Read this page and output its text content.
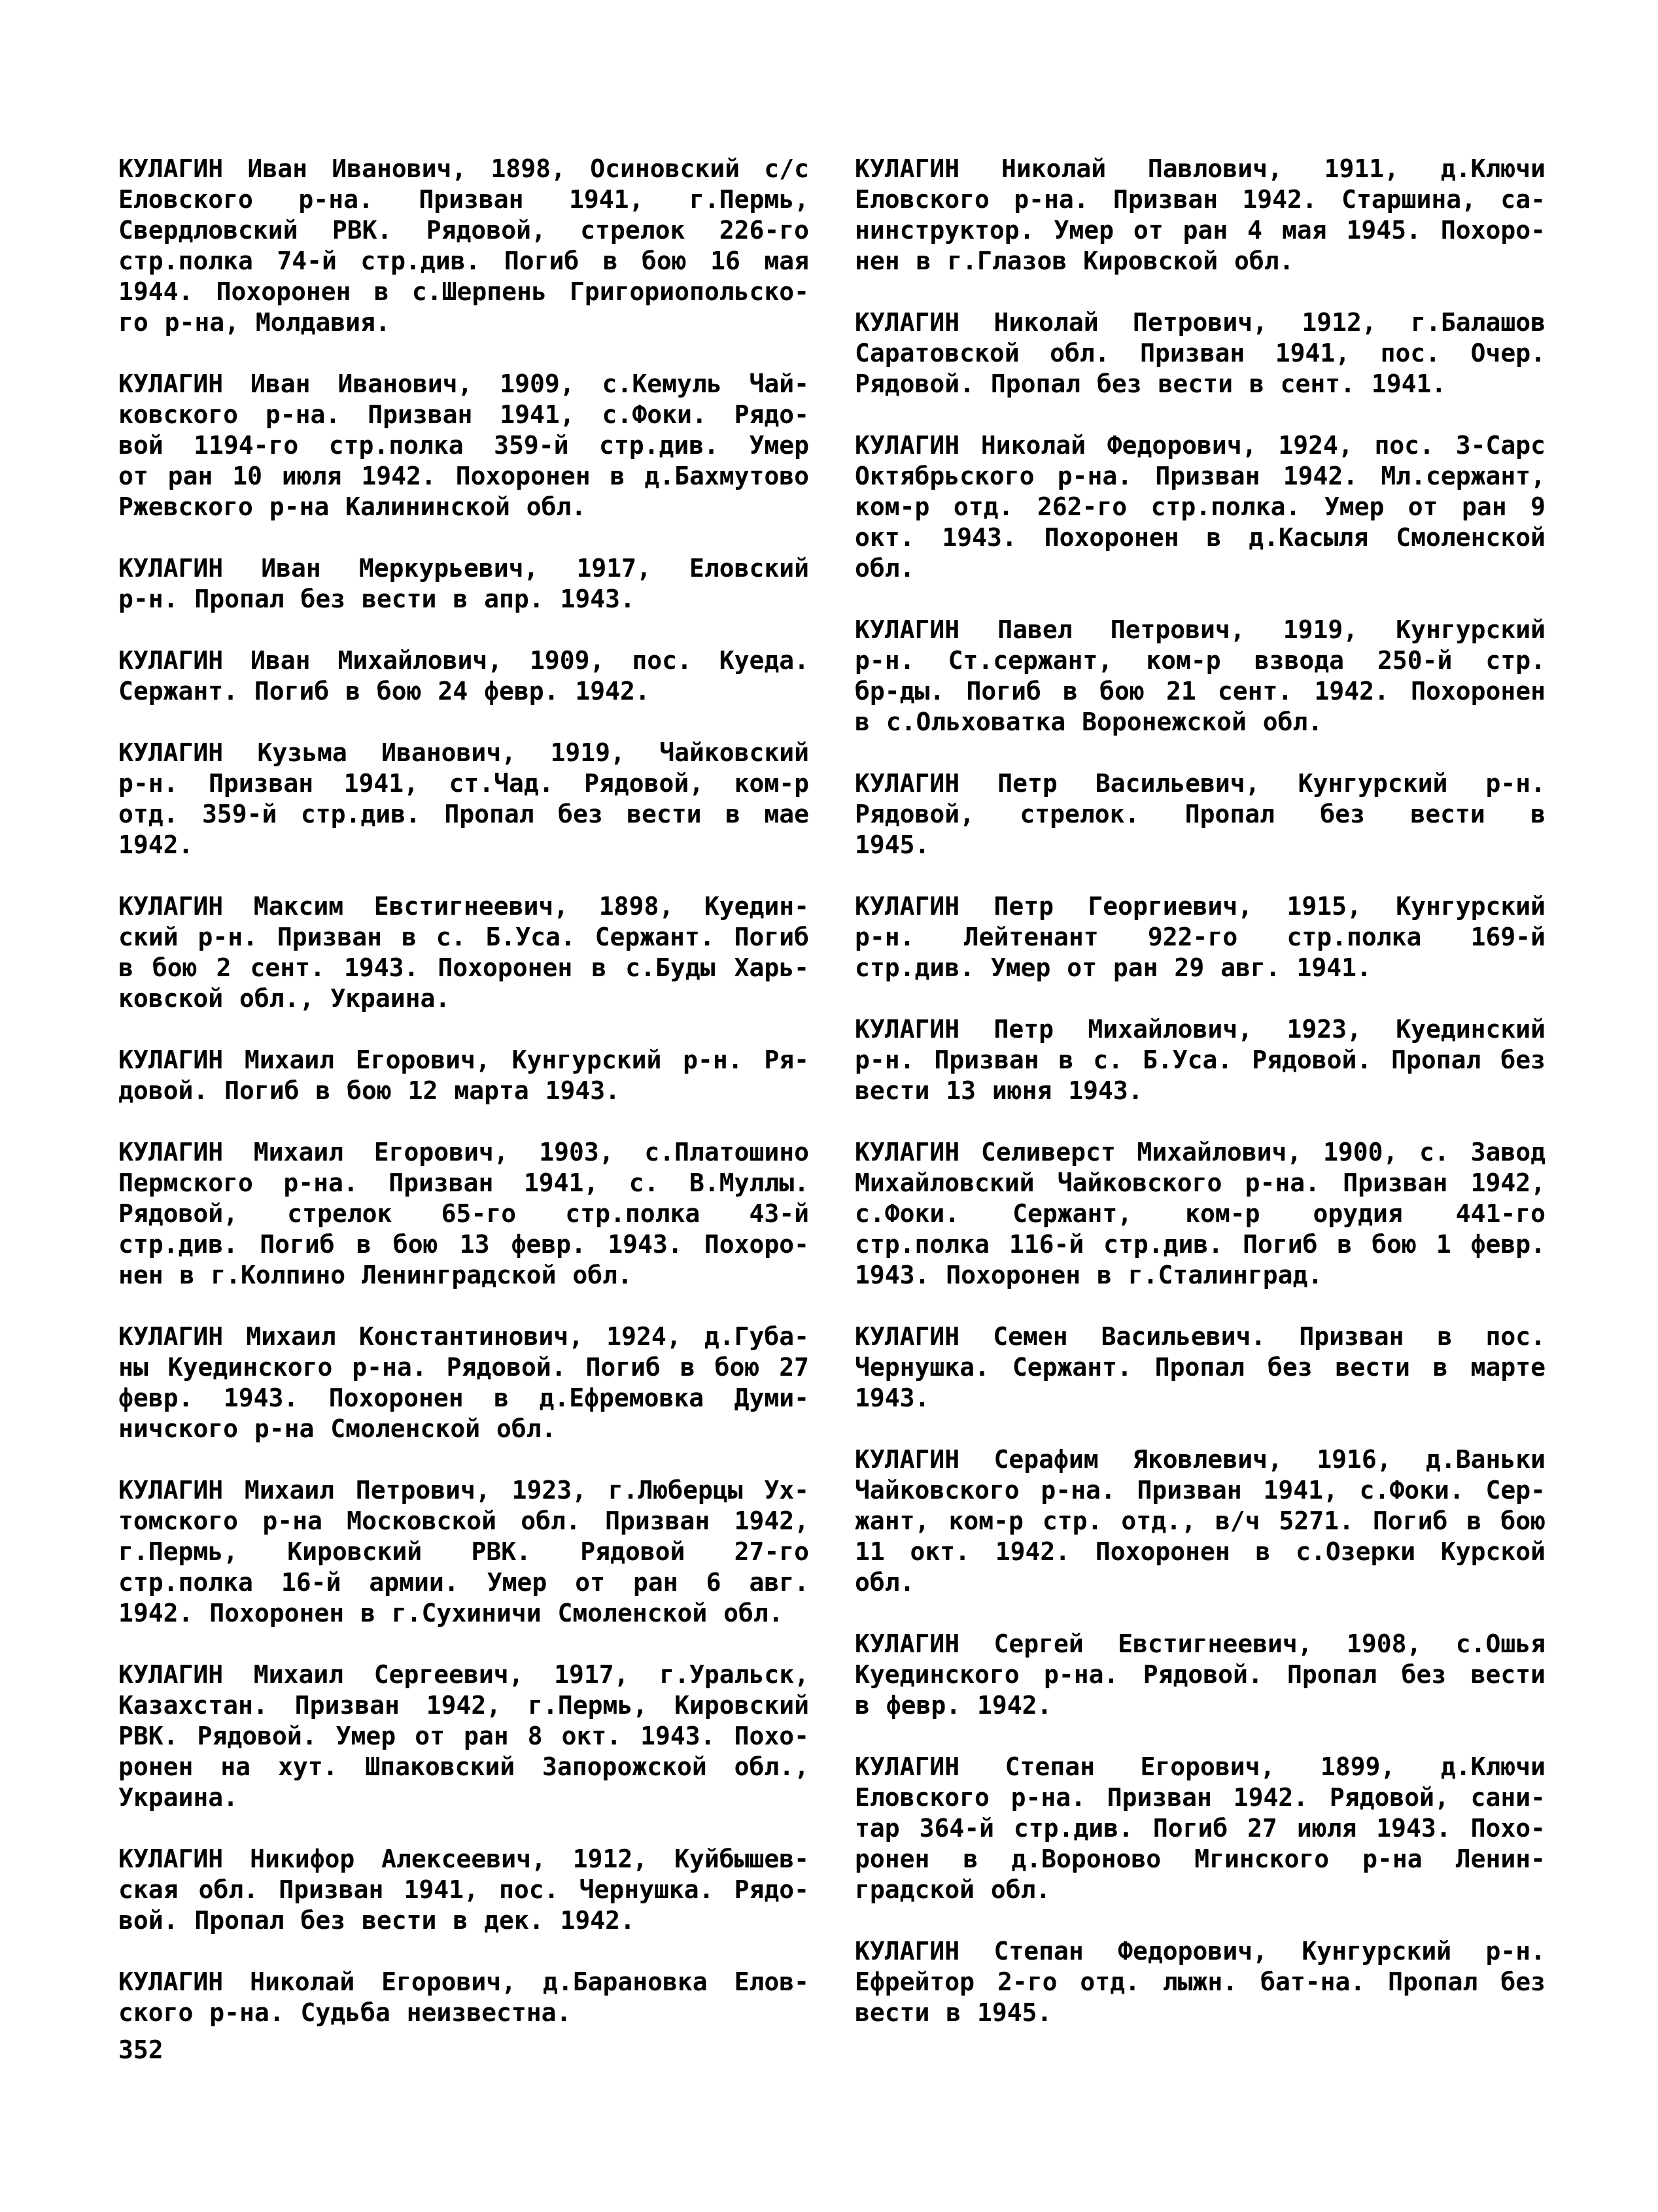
КУЛАГИН Иван Иванович, 1898, Осиновский с/с
Еловского р-на. Призван 1941, г.Пермь,
Свердловский РВК. Рядовой, стрелок 226-го
стр.полка 74-й стр.див. Погиб в бою 16 мая
1944. Похоронен в с.Шерпень Григориопольско-
го р-на, Молдавия.

КУЛАГИН Иван Иванович, 1909, с.Кемуль Чай-
ковского р-на. Призван 1941, с.Фоки. Рядо-
вой 1194-го стр.полка 359-й стр.див. Умер
от ран 10 июля 1942. Похоронен в д.Бахмутово
Ржевского р-на Калининской обл.

КУЛАГИН Иван Меркурьевич, 1917, Еловский
р-н. Пропал без вести в апр. 1943.

КУЛАГИН Иван Михайлович, 1909, пос. Куеда.
Сержант. Погиб в бою 24 февр. 1942.

КУЛАГИН Кузьма Иванович, 1919, Чайковский
р-н. Призван 1941, ст.Чад. Рядовой, ком-р
отд. 359-й стр.див. Пропал без вести в мае
1942.

КУЛАГИН Максим Евстигнеевич, 1898, Куедин-
ский р-н. Призван в с. Б.Уса. Сержант. Погиб
в бою 2 сент. 1943. Похоронен в с.Буды Харь-
ковской обл., Украина.

КУЛАГИН Михаил Егорович, Кунгурский р-н. Ря-
довой. Погиб в бою 12 марта 1943.

КУЛАГИН Михаил Егорович, 1903, с.Платошино
Пермского р-на. Призван 1941, с. В.Муллы.
Рядовой, стрелок 65-го стр.полка 43-й
стр.див. Погиб в бою 13 февр. 1943. Похоро-
нен в г.Колпино Ленинградской обл.

КУЛАГИН Михаил Константинович, 1924, д.Губа-
ны Куединского р-на. Рядовой. Погиб в бою 27
февр. 1943. Похоронен в д.Ефремовка Думи-
ничского р-на Смоленской обл.

КУЛАГИН Михаил Петрович, 1923, г.Люберцы Ух-
томского р-на Московской обл. Призван 1942,
г.Пермь, Кировский РВК. Рядовой 27-го
стр.полка 16-й армии. Умер от ран 6 авг.
1942. Похоронен в г.Сухиничи Смоленской обл.

КУЛАГИН Михаил Сергеевич, 1917, г.Уральск,
Казахстан. Призван 1942, г.Пермь, Кировский
РВК. Рядовой. Умер от ран 8 окт. 1943. Похо-
ронен на хут. Шпаковский Запорожской обл.,
Украина.

КУЛАГИН Никифор Алексеевич, 1912, Куйбышев-
ская обл. Призван 1941, пос. Чернушка. Рядо-
вой. Пропал без вести в дек. 1942.

КУЛАГИН Николай Егорович, д.Барановка Елов-
ского р-на. Судьба неизвестна.

КУЛАГИН Николай Павлович, 1911, д.Ключи
Еловского р-на. Призван 1942. Старшина, са-
нинструктор. Умер от ран 4 мая 1945. Похоро-
нен в г.Глазов Кировской обл.

КУЛАГИН Николай Петрович, 1912, г.Балашов
Саратовской обл. Призван 1941, пос. Очер.
Рядовой. Пропал без вести в сент. 1941.

КУЛАГИН Николай Федорович, 1924, пос. 3-Сарс
Октябрьского р-на. Призван 1942. Мл.сержант,
ком-р отд. 262-го стр.полка. Умер от ран 9
окт. 1943. Похоронен в д.Касыля Смоленской
обл.

КУЛАГИН Павел Петрович, 1919, Кунгурский
р-н. Ст.сержант, ком-р взвода 250-й стр.
бр-ды. Погиб в бою 21 сент. 1942. Похоронен
в с.Ольховатка Воронежской обл.

КУЛАГИН Петр Васильевич, Кунгурский р-н.
Рядовой, стрелок. Пропал без вести в
1945.

КУЛАГИН Петр Георгиевич, 1915, Кунгурский
р-н. Лейтенант 922-го стр.полка 169-й
стр.див. Умер от ран 29 авг. 1941.

КУЛАГИН Петр Михайлович, 1923, Куединский
р-н. Призван в с. Б.Уса. Рядовой. Пропал без
вести 13 июня 1943.

КУЛАГИН Селиверст Михайлович, 1900, с. Завод
Михайловский Чайковского р-на. Призван 1942,
с.Фоки. Сержант, ком-р орудия 441-го
стр.полка 116-й стр.див. Погиб в бою 1 февр.
1943. Похоронен в г.Сталинград.

КУЛАГИН Семен Васильевич. Призван в пос.
Чернушка. Сержант. Пропал без вести в марте
1943.

КУЛАГИН Серафим Яковлевич, 1916, д.Ваньки
Чайковского р-на. Призван 1941, с.Фоки. Сер-
жант, ком-р стр. отд., в/ч 5271. Погиб в бою
11 окт. 1942. Похоронен в с.Озерки Курской
обл.

КУЛАГИН Сергей Евстигнеевич, 1908, с.Ошья
Куединского р-на. Рядовой. Пропал без вести
в февр. 1942.

КУЛАГИН Степан Егорович, 1899, д.Ключи
Еловского р-на. Призван 1942. Рядовой, сани-
тар 364-й стр.див. Погиб 27 июля 1943. Похо-
ронен в д.Вороново Мгинского р-на Ленин-
градской обл.

КУЛАГИН Степан Федорович, Кунгурский р-н.
Ефрейтор 2-го отд. лыжн. бат-на. Пропал без
вести в 1945.

352
